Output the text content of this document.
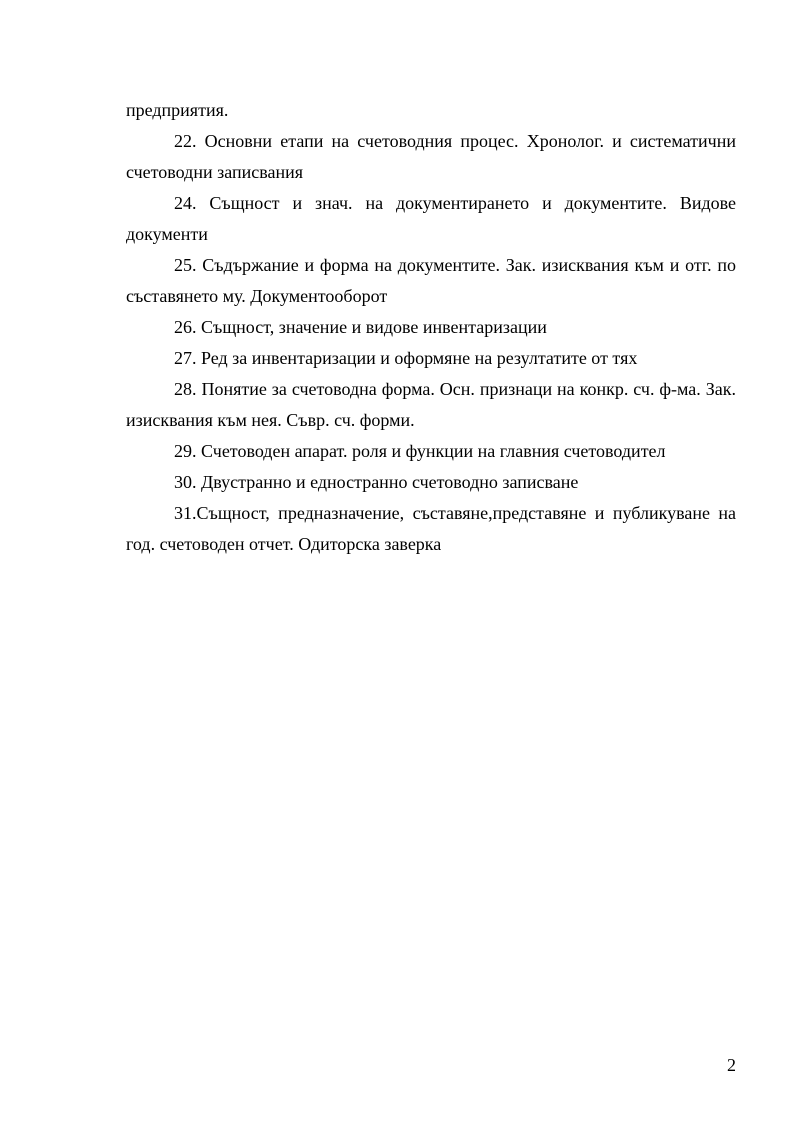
предприятия.

22. Основни етапи на счетоводния процес. Хронолог. и систематични счетоводни записвания

24. Същност и знач. на документирането и документите. Видове документи

25. Съдържание и форма на документите. Зак. изисквания към и отг. по съставянето му. Документооборот

26. Същност, значение и видове инвентаризации

27. Ред за инвентаризации и оформяне на резултатите от тях

28. Понятие за счетоводна форма. Осн. признаци на конкр. сч. ф-ма. Зак. изисквания към нея. Съвр. сч. форми.

29. Счетоводен апарат. роля и функции на главния счетоводител

30. Двустранно и едностранно счетоводно записване

31.Същност, предназначение, съставяне,представяне и публикуване на год. счетоводен отчет. Одиторска заверка

2
